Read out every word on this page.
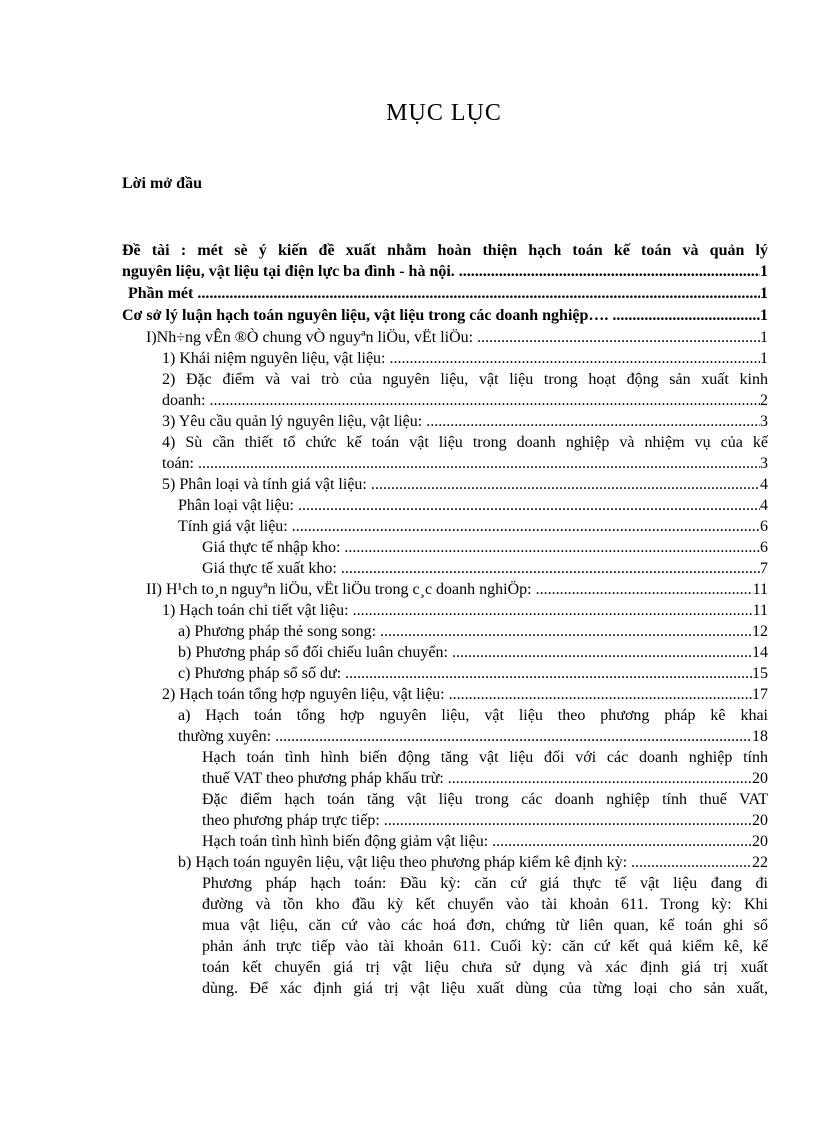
MỤC LỤC
Lời mở đầu
Đề tài : mét sè ý kiến đề xuất nhằm hoàn thiện hạch toán kế toán và quản lý
nguyên liệu, vật liệu tại điện lực ba đình - hà nội. .....	1
Phần mét .....	1
Cơ sở lý luận hạch toán nguyên liệu, vật liệu trong các doanh nghiệp…. .....	1
I)Nh÷ng vÊn ®Ò chung vÒ nguyªn liÖu, vËt liÖu: .....	1
1) Khái niệm nguyên liệu, vật liệu: .....	1
2) Đặc điểm và vai trò của nguyên liệu, vật liệu trong hoạt động sản xuất kinh
doanh: .....	2
3) Yêu cầu quản lý nguyên liệu, vật liệu: .....	3
4) Sù cần thiết tổ chức kế toán vật liệu trong doanh nghiệp và nhiệm vụ của kế
toán: .....	3
5) Phân loại và tính giá vật liệu: .....	4
Phân loại vật liệu: .....	4
Tính giá vật liệu: .....	6
Giá thực tế nhập kho: .....	6
Giá thực tế xuất kho: .....	7
II) H¹ch to¸n nguyªn liÖu, vËt liÖu trong c¸c doanh nghiÖp: .....	11
1) Hạch toán chi tiết vật liệu: .....	11
a) Phương pháp thẻ song song: .....	12
b) Phương pháp sổ đối chiếu luân chuyển: .....	14
c) Phương pháp sổ số dư: .....	15
2) Hạch toán tổng hợp nguyên liệu, vật liệu: .....	17
a) Hạch toán tổng hợp nguyên liệu, vật liệu theo phương pháp kê khai
thường xuyên: .....	18
Hạch toán tình hình biến động tăng vật liệu đối với các doanh nghiệp tính
thuế VAT theo phương pháp khấu trừ: .....	20
Đặc điểm hạch toán tăng vật liệu trong các doanh nghiệp tính thuế VAT
theo phương pháp trực tiếp: .....	20
Hạch toán tình hình biến động giảm vật liệu: .....	20
b) Hạch toán nguyên liệu, vật liệu theo phương pháp kiểm kê định kỳ: .....	22
Phương pháp hạch toán: Đầu kỳ: căn cứ giá thực tế vật liệu đang đi
đường và tồn kho đầu kỳ kết chuyển vào tài khoản 611. Trong kỳ: Khi
mua vật liệu, căn cứ vào các hoá đơn, chứng từ liên quan, kế toán ghi sổ
phản ánh trực tiếp vào tài khoản 611. Cuối kỳ: căn cứ kết quả kiểm kê, kế
toán kết chuyển giá trị vật liệu chưa sử dụng và xác định giá trị xuất
dùng. Để xác định giá trị vật liệu xuất dùng của từng loại cho sản xuất,
